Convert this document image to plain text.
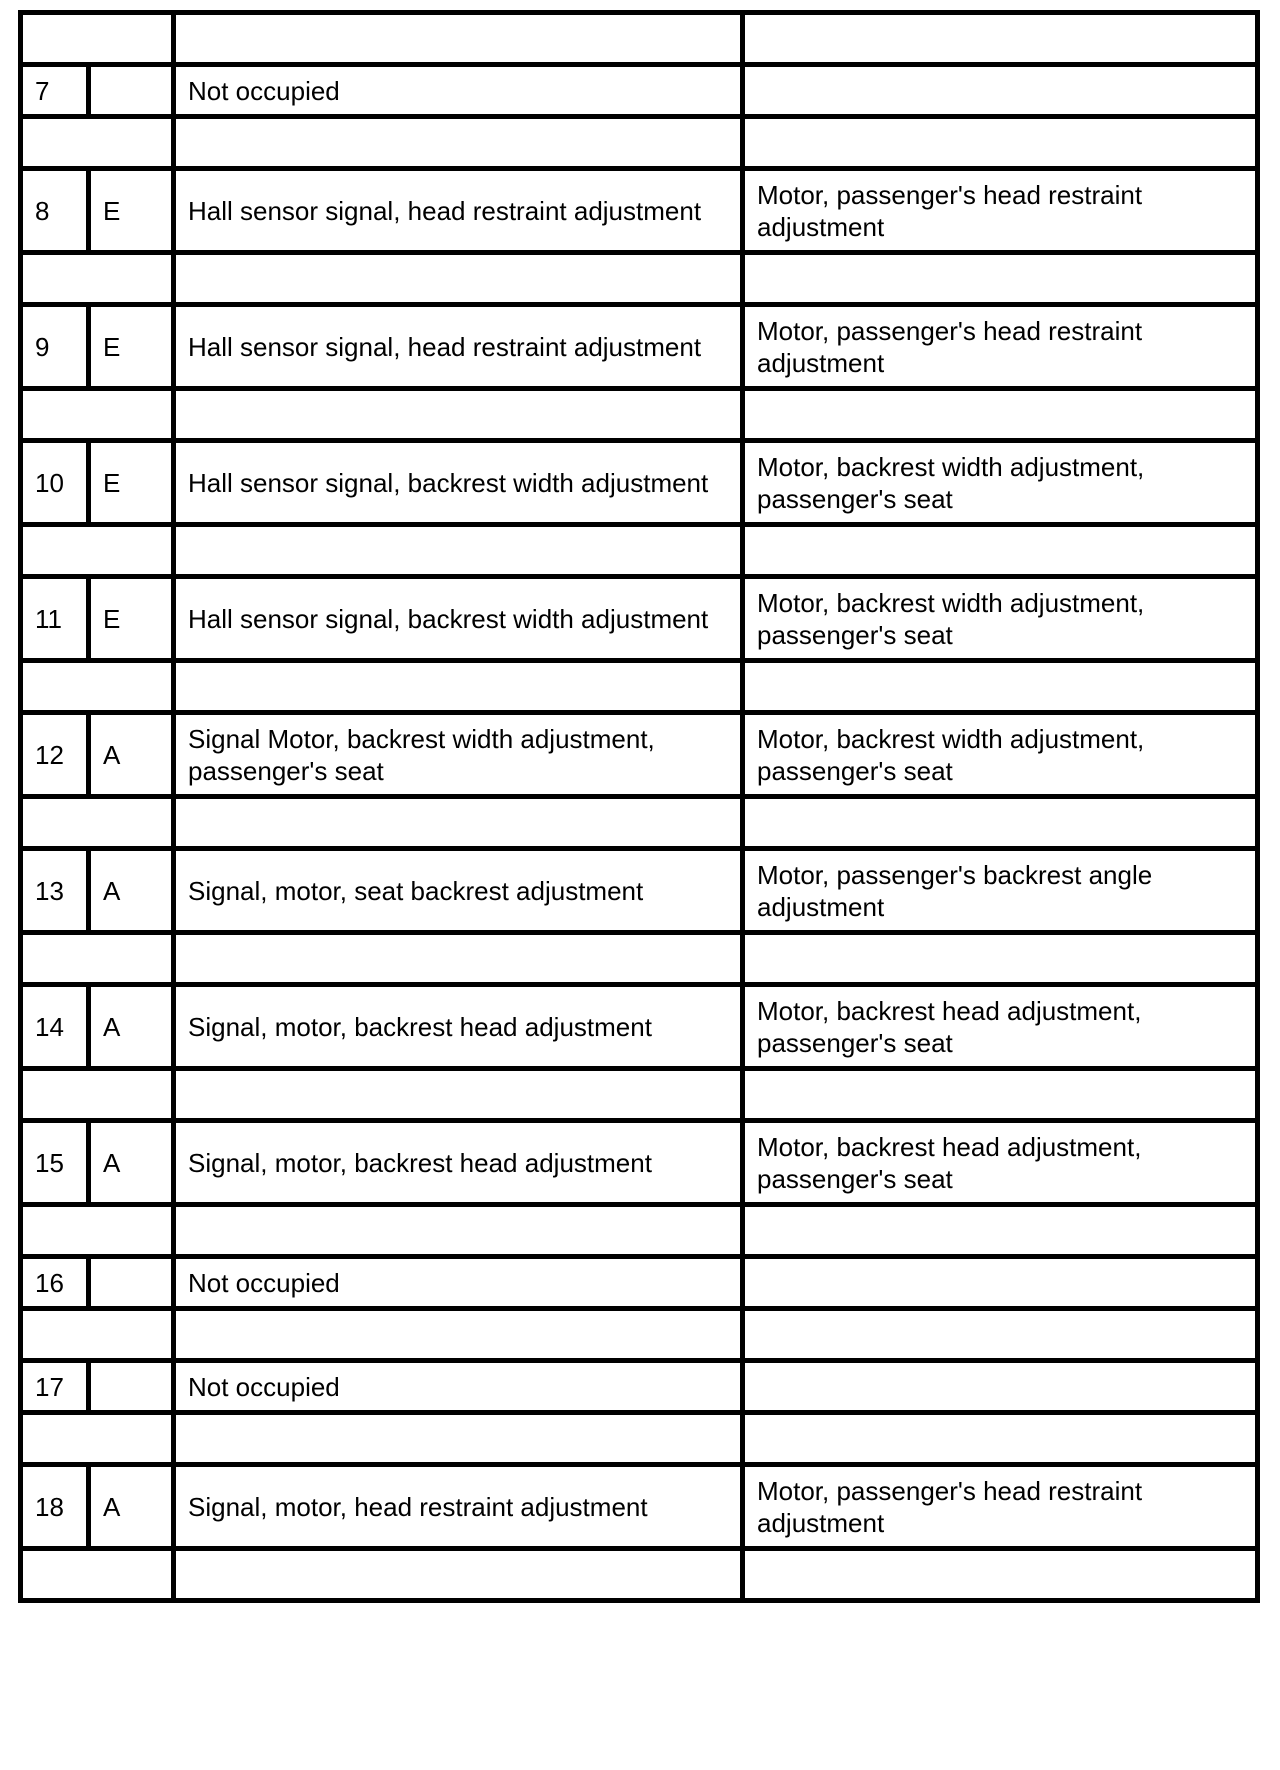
7		Not occupied	

8	E	Hall sensor signal, head restraint adjustment	Motor, passenger's head restraint adjustment

9	E	Hall sensor signal, head restraint adjustment	Motor, passenger's head restraint adjustment

10	E	Hall sensor signal, backrest width adjustment	Motor, backrest width adjustment, passenger's seat

11	E	Hall sensor signal, backrest width adjustment	Motor, backrest width adjustment, passenger's seat

12	A	Signal Motor, backrest width adjustment, passenger's seat	Motor, backrest width adjustment, passenger's seat

13	A	Signal, motor, seat backrest adjustment	Motor, passenger's backrest angle adjustment

14	A	Signal, motor, backrest head adjustment	Motor, backrest head adjustment, passenger's seat

15	A	Signal, motor, backrest head adjustment	Motor, backrest head adjustment, passenger's seat

16		Not occupied	

17		Not occupied	

18	A	Signal, motor, head restraint adjustment	Motor, passenger's head restraint adjustment
